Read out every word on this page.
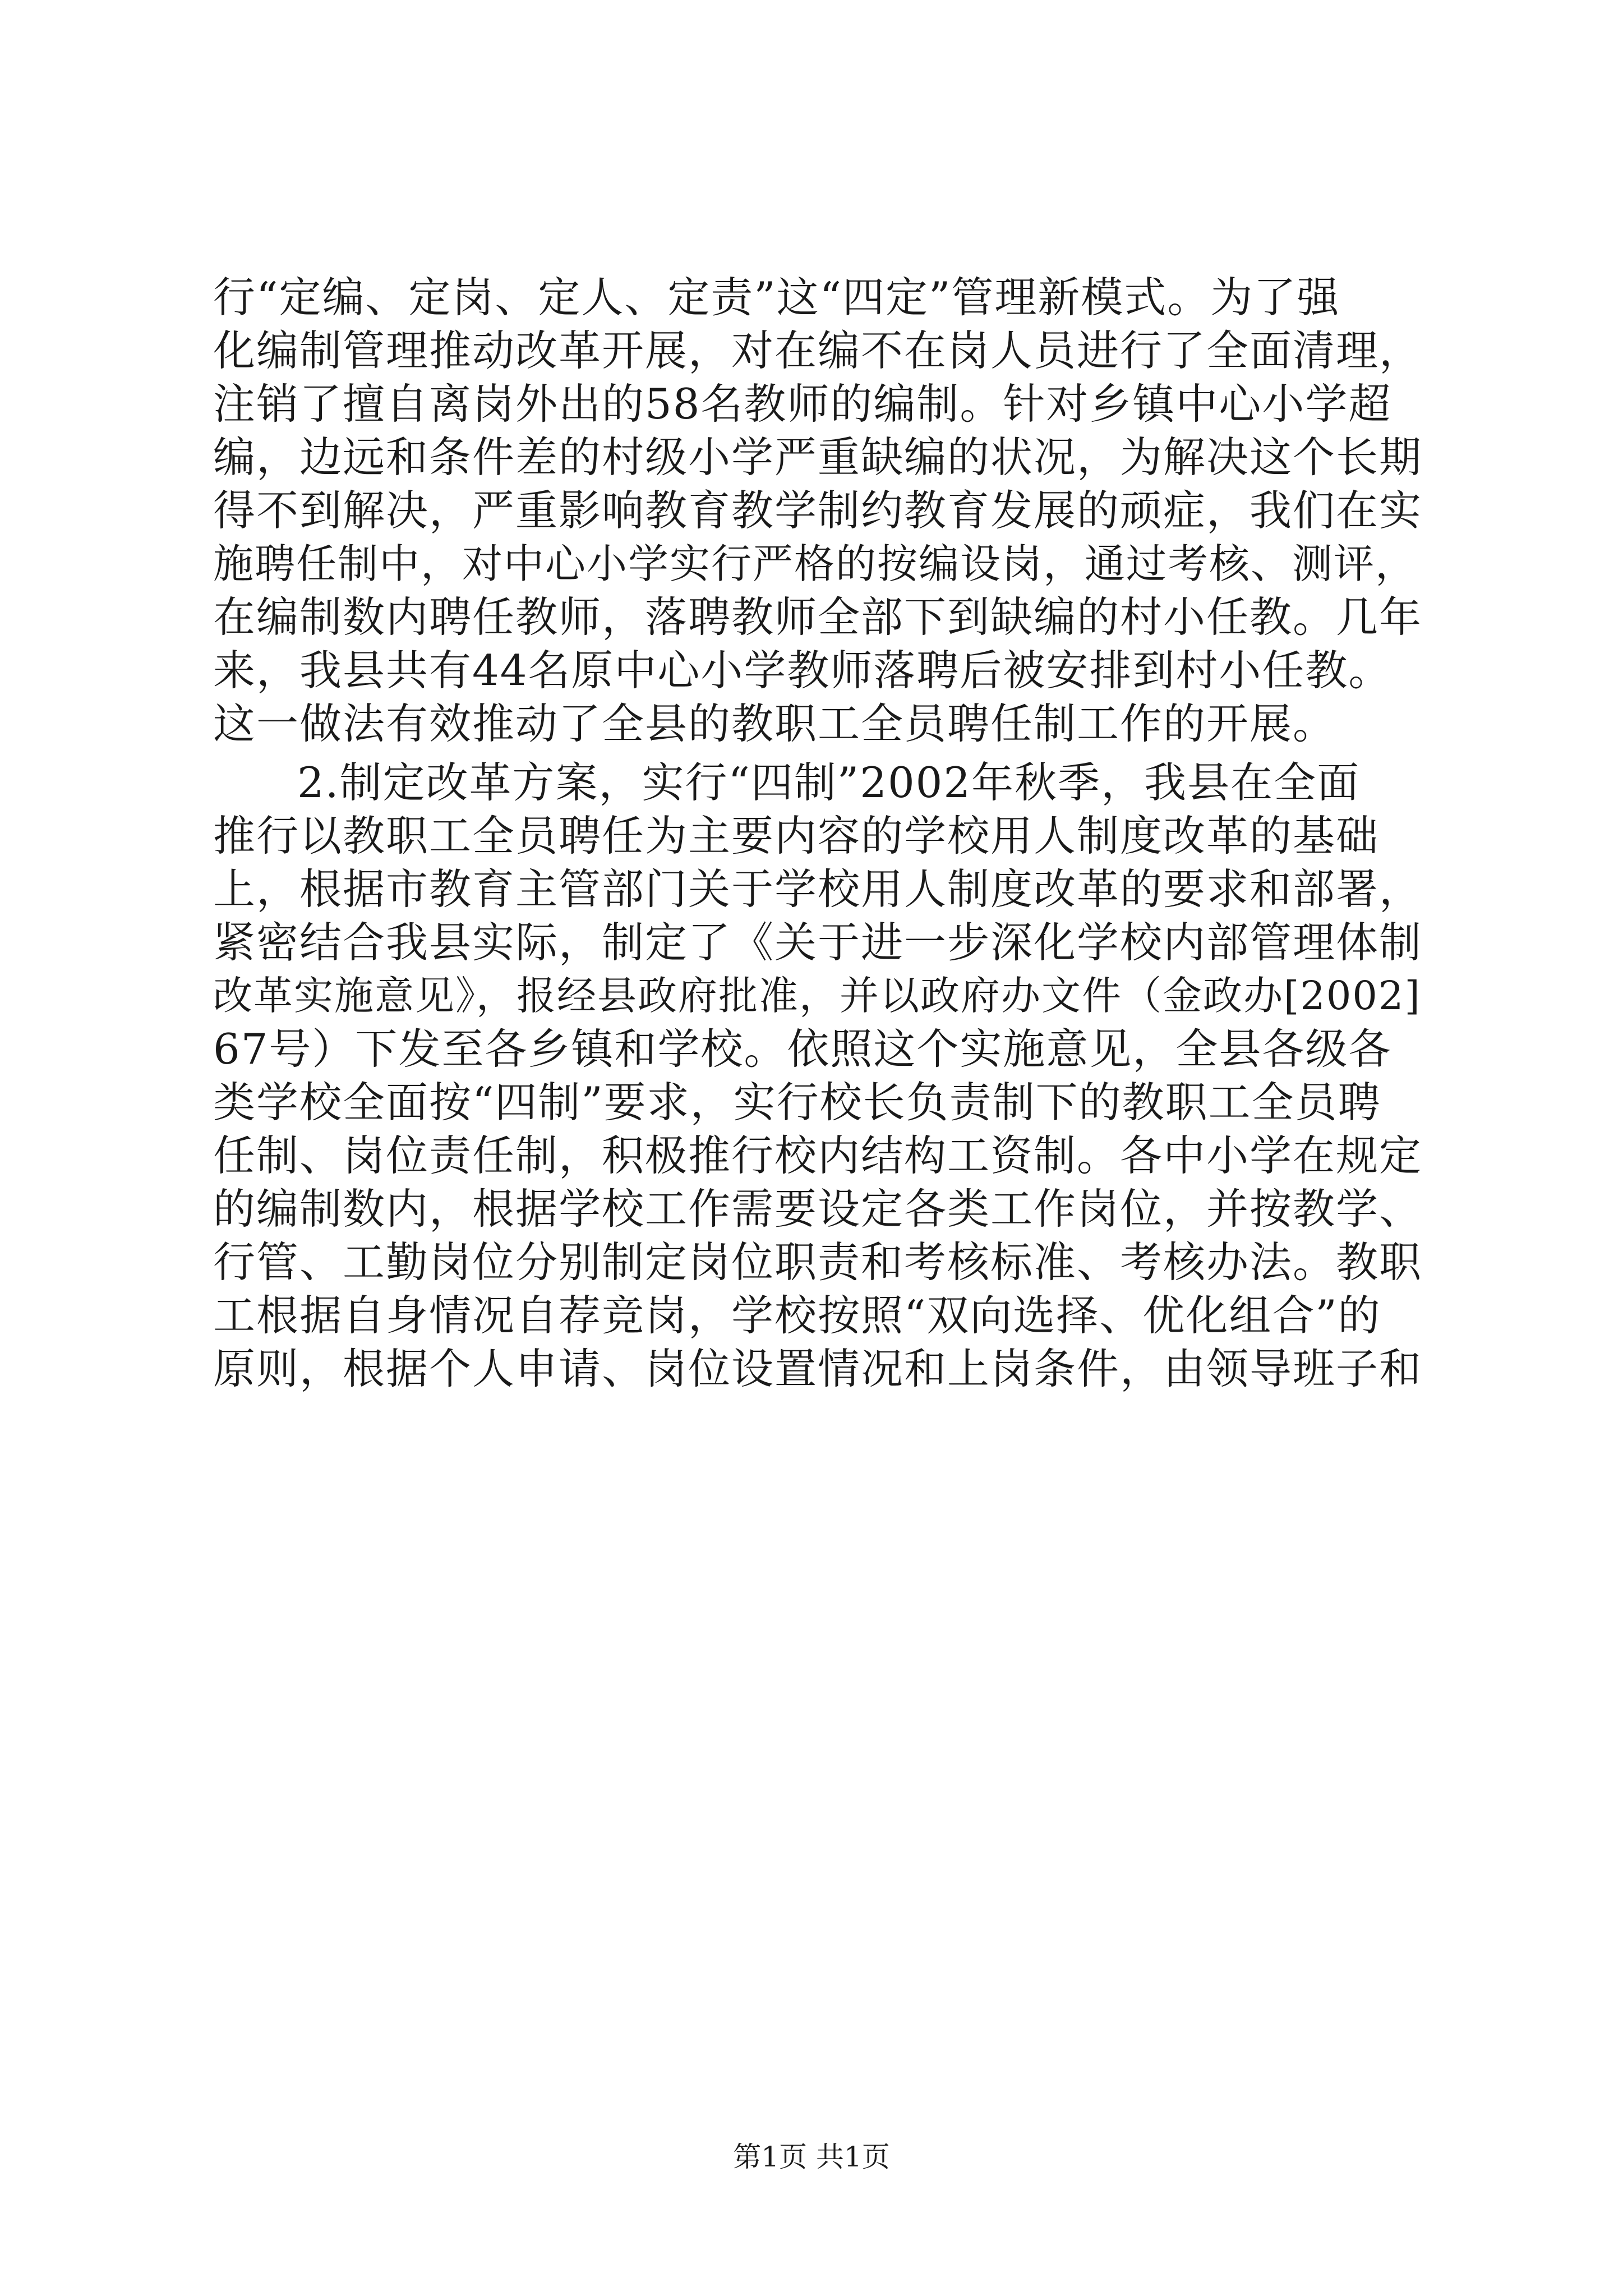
行“定编、定岗、定人、定责”这“四定”管理新模式。为了强
化编制管理推动改革开展，对在编不在岗人员进行了全面清理，
注销了擅自离岗外出的58名教师的编制。针对乡镇中心小学超
编，边远和条件差的村级小学严重缺编的状况，为解决这个长期
得不到解决，严重影响教育教学制约教育发展的顽症，我们在实
施聘任制中，对中心小学实行严格的按编设岗，通过考核、测评，
在编制数内聘任教师，落聘教师全部下到缺编的村小任教。几年
来，我县共有44名原中心小学教师落聘后被安排到村小任教。
这一做法有效推动了全县的教职工全员聘任制工作的开展。
2.制定改革方案，实行“四制”2002年秋季，我县在全面
推行以教职工全员聘任为主要内容的学校用人制度改革的基础
上，根据市教育主管部门关于学校用人制度改革的要求和部署，
紧密结合我县实际，制定了《关于进一步深化学校内部管理体制
改革实施意见》，报经县政府批准，并以政府办文件（金政办[2002]
67号）下发至各乡镇和学校。依照这个实施意见，全县各级各
类学校全面按“四制”要求，实行校长负责制下的教职工全员聘
任制、岗位责任制，积极推行校内结构工资制。各中小学在规定
的编制数内，根据学校工作需要设定各类工作岗位，并按教学、
行管、工勤岗位分别制定岗位职责和考核标准、考核办法。教职
工根据自身情况自荐竞岗，学校按照“双向选择、优化组合”的
原则，根据个人申请、岗位设置情况和上岗条件，由领导班子和
第1页 共1页
